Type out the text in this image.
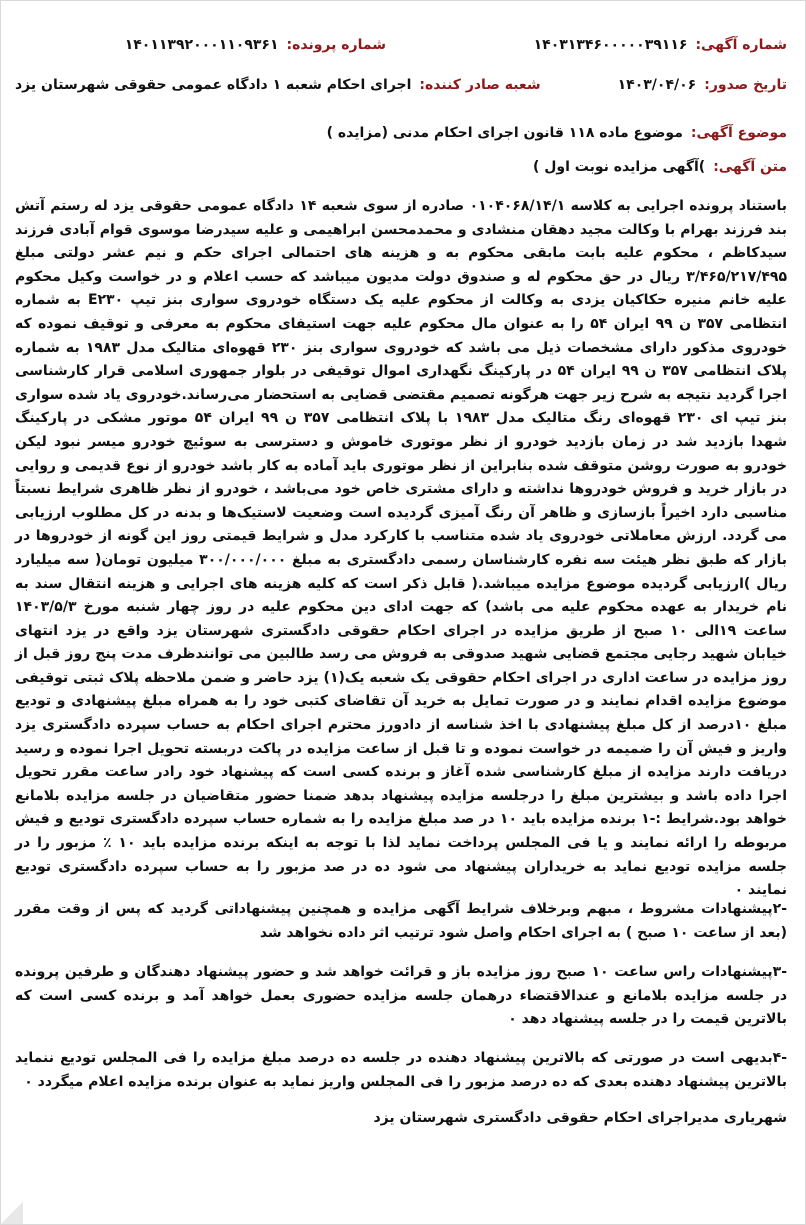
شماره آگهی:
۱۴۰۳۱۳۴۶۰۰۰۰۰۳۹۱۱۶
شماره پرونده:
۱۴۰۱۱۳۹۲۰۰۰۱۱۰۹۳۶۱
تاریخ صدور:
۱۴۰۳/۰۴/۰۶
شعبه صادر کننده:
اجرای احکام شعبه ۱ دادگاه عمومی حقوقی شهرستان یزد
موضوع آگهی:
موضوع ماده ۱۱۸ قانون اجرای احکام مدنی (مزایده )
متن آگهی:
)آگهی مزایده نوبت اول )

باستناد پرونده اجرایی به کلاسه ۰۱۰۴۰۶۸/۱۴/۱ صادره از سوی شعبه ۱۴ دادگاه عمومی حقوقی یزد له رستم آتش بند فرزند بهرام با وکالت مجید دهقان منشادی و محمدمحسن ابراهیمی و علیه سیدرضا موسوی قوام آبادی فرزند سیدکاظم ، محکوم علیه بابت مابقی محکوم به و هزینه های احتمالی اجرای حکم و نیم عشر دولتی مبلغ ۳/۴۶۵/۲۱۷/۴۹۵ ریال در حق محکوم له و صندوق دولت مدیون میباشد که حسب اعلام و در خواست وکیل محکوم علیه خانم منیره حکاکیان یزدی به وکالت از محکوم علیه یک دستگاه خودروی سواری بنز تیپ E۲۳۰ به شماره انتظامی ۳۵۷ ن ۹۹ ایران ۵۴ را به عنوان مال محکوم علیه جهت استیفای محکوم به معرفی و توقیف نموده که خودروی مذکور دارای مشخصات ذیل می باشد که خودروی سواری بنز ۲۳۰ قهوه‌ای متالیک مدل ۱۹۸۳ به شماره پلاک انتظامی ۳۵۷ ن ۹۹ ایران ۵۴ در پارکینگ نگهداری اموال توقیفی در بلوار جمهوری اسلامی قرار کارشناسی اجرا گردید نتیجه به شرح زیر جهت هرگونه تصمیم مقتضی قضایی به استحضار می‌رساند.خودروی یاد شده سواری بنز تیپ ای ۲۳۰ قهوه‌ای رنگ متالیک مدل ۱۹۸۳ با پلاک انتظامی ۳۵۷ ن ۹۹ ایران ۵۴ موتور مشکی در پارکینگ شهدا بازدید شد در زمان بازدید خودرو از نظر موتوری خاموش و دسترسی به سوئیچ خودرو میسر نبود لیکن خودرو به صورت روشن متوقف شده بنابراین از نظر موتوری باید آماده به کار باشد خودرو از نوع قدیمی و روایی در بازار خرید و فروش خودروها نداشته و دارای مشتری خاص خود می‌باشد ، خودرو از نظر ظاهری شرایط نسبتاً مناسبی دارد اخیراً بازسازی و ظاهر آن رنگ آمیزی گردیده است وضعیت لاستیک‌ها و بدنه در کل مطلوب ارزیابی می گردد. ارزش معاملاتی خودروی یاد شده متناسب با کارکرد مدل و شرایط قیمتی روز این گونه از خودروها در بازار که طبق نظر هیئت سه نفره کارشناسان رسمی دادگستری به مبلغ ۳۰۰/۰۰۰/۰۰۰ میلیون تومان( سه میلیارد ریال )ارزیابی گردیده موضوع مزایده میباشد.( قابل ذکر است که کلیه هزینه های اجرایی و هزینه انتقال سند به نام خریدار به عهده محکوم علیه می باشد) که جهت ادای دین محکوم علیه در روز چهار شنبه مورخ ۱۴۰۳/۵/۳ ساعت ۱۹الی ۱۰ صبح از طریق مزایده در اجرای احکام حقوقی دادگستری شهرستان یزد واقع در یزد انتهای خیابان شهید رجایی مجتمع قضایی شهید صدوقی به فروش می رسد طالبین می توانندظرف مدت پنج روز قبل از روز مزایده در ساعت اداری در اجرای احکام حقوقی یک شعبه یک(۱) یزد حاضر و ضمن ملاحظه پلاک ثبتی توقیفی موضوع مزایده اقدام نمایند و در صورت تمایل به خرید آن تقاضای کتبی خود را به همراه مبلغ پیشنهادی و تودیع مبلغ ۱۰درصد از کل مبلغ پیشنهادی با اخذ شناسه از دادورز محترم اجرای احکام به حساب سپرده دادگستری یزد واریز و فیش آن را ضمیمه در خواست نموده و تا قبل از ساعت مزایده در پاکت دربسته تحویل اجرا نموده و رسید دریافت دارند مزایده از مبلغ کارشناسی شده آغاز و برنده کسی است که پیشنهاد خود رادر ساعت مقرر تحویل اجرا داده باشد و بیشترین مبلغ را درجلسه مزایده پیشنهاد بدهد ضمنا حضور متقاضیان در جلسه مزایده بلامانع خواهد بود.شرایط :-۱ برنده مزایده باید ۱۰ در صد مبلغ مزایده را به شماره حساب سپرده دادگستری تودیع و فیش مربوطه را ارائه نمایند و یا فی المجلس پرداخت نماید لذا با توجه به اینکه برنده مزایده باید ۱۰ ٪ مزبور را در جلسه مزایده تودیع نماید به خریداران پیشنهاد می شود ده در صد مزبور را به حساب سپرده دادگستری تودیع نمایند ۰

-۲پیشنهادات مشروط ، مبهم وبرخلاف شرایط آگهی مزایده و همچنین پیشنهاداتی گردید که پس از وقت مقرر (بعد از ساعت ۱۰ صبح ) به اجرای احکام واصل شود ترتیب اثر داده نخواهد شد

-۳پیشنهادات راس ساعت ۱۰ صبح روز مزایده باز و قرائت خواهد شد و حضور پیشنهاد دهندگان و طرفین پرونده در جلسه مزایده بلامانع و عندالاقتضاء درهمان جلسه مزایده حضوری بعمل خواهد آمد و برنده کسی است که بالاترین قیمت را در جلسه پیشنهاد دهد ۰

-۴بدیهی است در صورتی که بالاترین پیشنهاد دهنده در جلسه ده درصد مبلغ مزایده را فی المجلس تودیع ننماید بالاترین پیشنهاد دهنده بعدی که ده درصد مزبور را فی المجلس واریز نماید به عنوان برنده مزایده اعلام میگردد ۰

شهریاری مدیراجرای احکام حقوقی دادگستری شهرستان یزد
